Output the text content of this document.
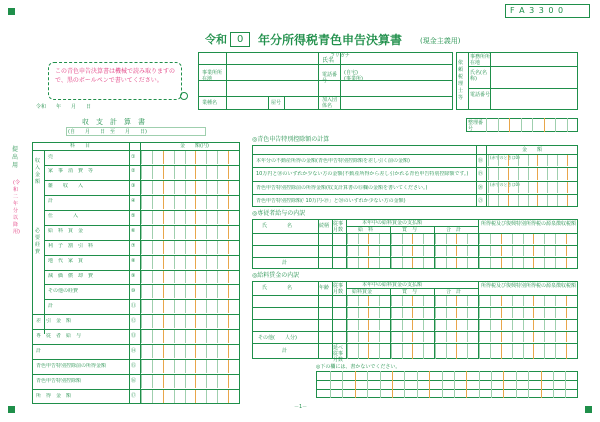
F A 3 3 0 0
令和 0 年分所得税青色申告決算書	(現金主義用)
この青色申告決算書は機械で読み取りますので、黒のボールペンで書いてください。
令和　　年　　月　　日
事業所所在地
業種名	屋号
フリガナ
氏名
電話番号
(自宅)
(事業所)
加入団体名
依頼税理士等
事務所所在地
氏名(名称)
電話番号
整理番号
収　支　計　算　書
(自　　月　　日　至　　月　　日)
提出用
(令和二年分以降用)
科　　目	金　　額(円)
収入金額
必要経費
売	①
家　事　消　費　等	②
雑　　収　　入	③
計	④
仕　　　　入	⑤
給　料　賃　金	⑥
利　子　割　引　料	⑦
地　代　家　賃	⑧
減　価　償　却　費	⑨
その他の経費	⑩
計	⑪
差　引　金　額	⑫
専　従　者　給　与	⑬
計	⑭
青色申告特別控除前の所得金額	⑮
青色申告特別控除額	⑯
所　得　金　額	⑰
◎青色申告特別控除額の計算
金　　額
本年分の不動産所得の金額(青色申告特別控除額を差し引く前の金額)	⑱
(赤字のときは0)
10万円と⑱のいずれか少ない方の金額(不動産所得から差し引かれる青色申告特別控除額です。) ⑲
青色申告特別控除前の所得金額(収支計算書の⑮欄の金額を書いてください。)	⑳
(赤字のときは0)
青色申告特別控除額(「10万円-⑲」と⑳のいずれか少ない方の金額)	㉑
◎専従者給与の内訳
氏　　　　名	続柄 従事月数
本年中の給料賃金の支払額	所得税及び復興特別所得税の源泉徴収税額
給　料	賞　与	合　計
計
◎給料賃金の内訳
氏　　　　名	年齢 従事月数
本年中の給料賃金の支払額	所得税及び復興特別所得税の源泉徴収税額
給料賃金	賞　与	合　計
その他(　　人分)
計	延べ従事月数
◎下の欄には、書かないでください。
－1－
